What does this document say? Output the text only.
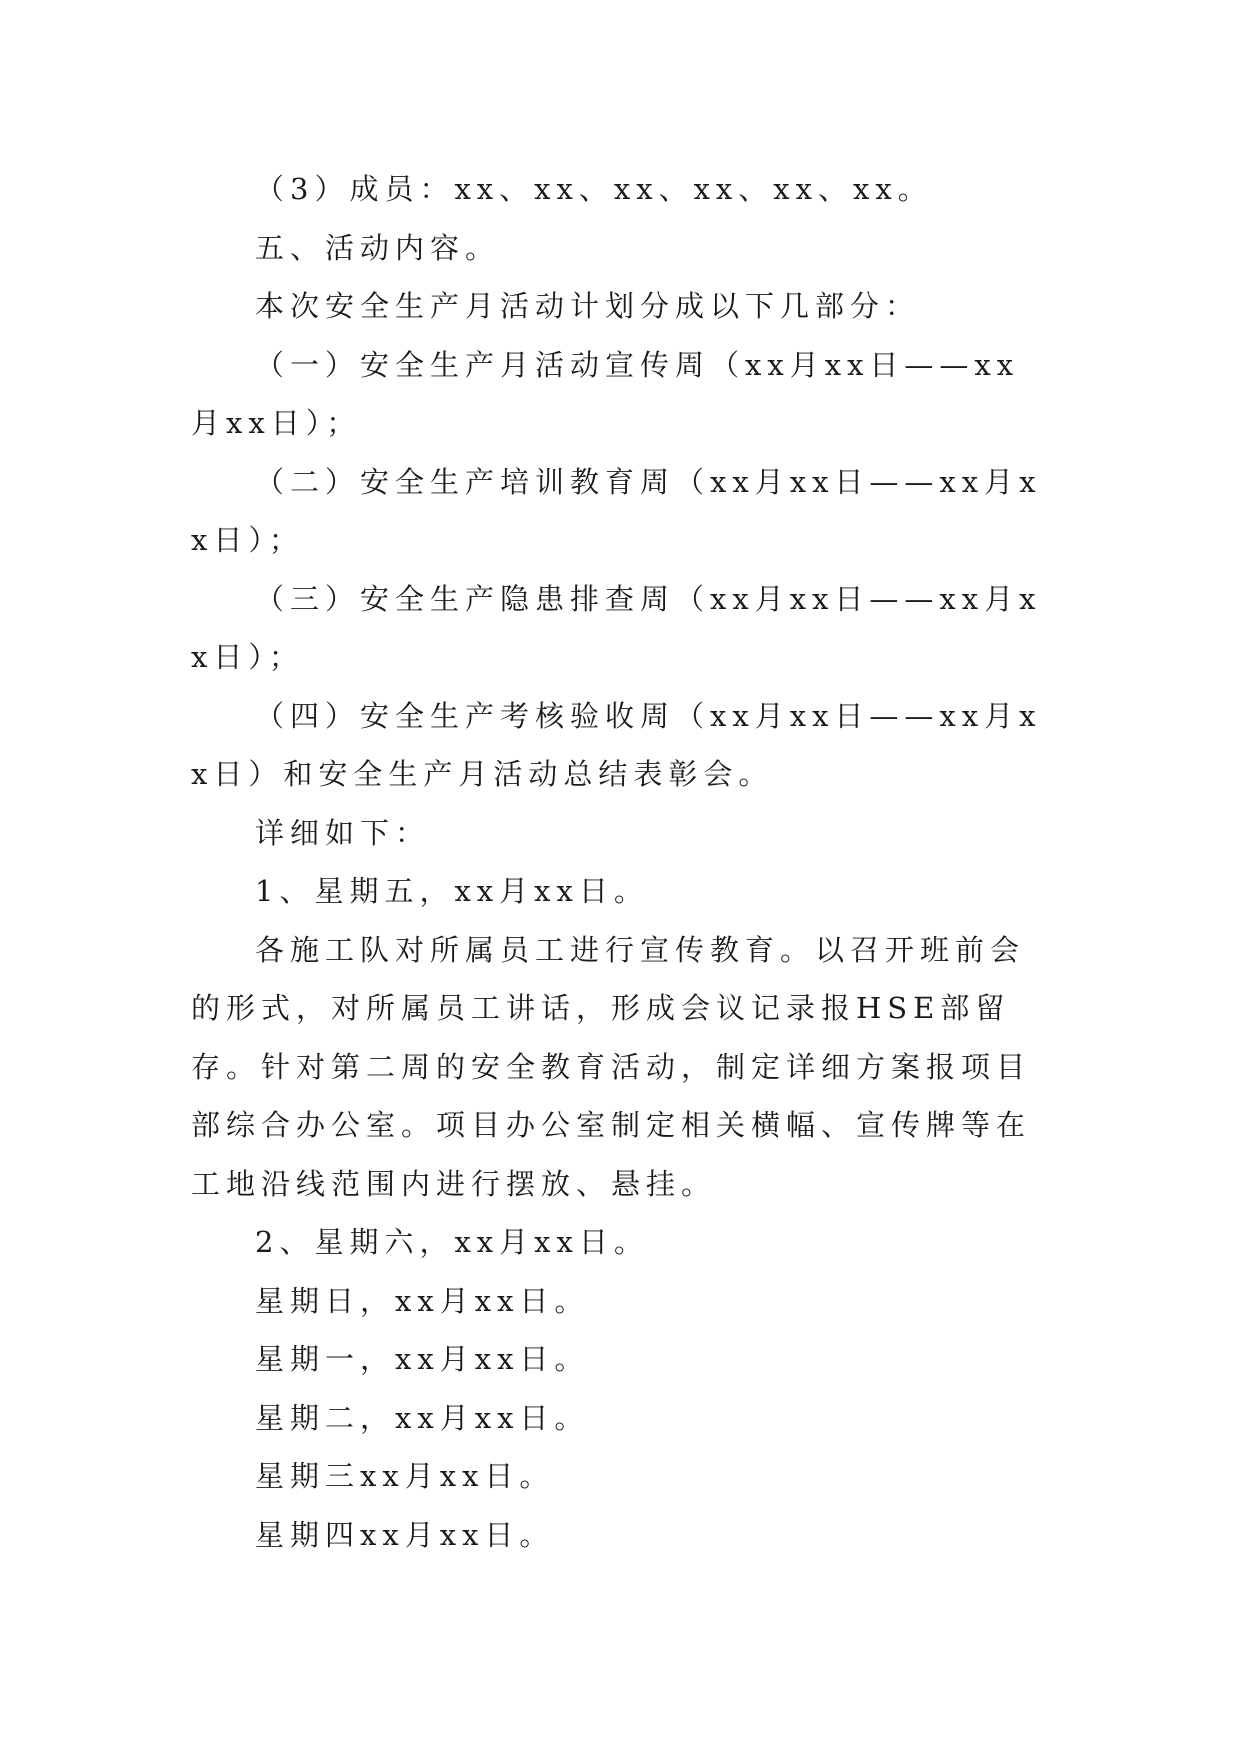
（3）成员：xx、xx、xx、xx、xx、xx。

五、活动内容。

本次安全生产月活动计划分成以下几部分：

（一）安全生产月活动宣传周（xx月xx日——xx月xx日）；

（二）安全生产培训教育周（xx月xx日——xx月xx日）；

（三）安全生产隐患排查周（xx月xx日——xx月xx日）；

（四）安全生产考核验收周（xx月xx日——xx月xx日）和安全生产月活动总结表彰会。

详细如下：

1、星期五，xx月xx日。

各施工队对所属员工进行宣传教育。以召开班前会的形式，对所属员工讲话，形成会议记录报HSE部留存。针对第二周的安全教育活动，制定详细方案报项目部综合办公室。项目办公室制定相关横幅、宣传牌等在工地沿线范围内进行摆放、悬挂。

2、星期六，xx月xx日。

星期日，xx月xx日。

星期一，xx月xx日。

星期二，xx月xx日。

星期三xx月xx日。

星期四xx月xx日。
